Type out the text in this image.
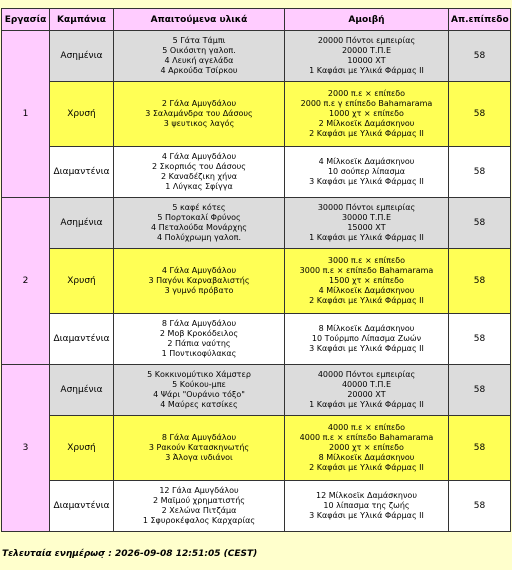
Εργασία	Καμπάνια	Απαιτούμενα υλικά	Αμοιβή	Απ.επίπεδο
1	Ασημένια	5 Γάτα Τάμπι
5 Οικόσιτη γαλοπ.
4 Λευκή αγελάδα
4 Αρκούδα Τσίρκου	20000 Πόντοι εμπειρίας
20000 Τ.Π.Ε
10000 ΧΤ
1 Καφάσι με Υλικά Φάρμας II	58
	Χρυσή	2 Γάλα Αμυγδάλου
3 Σαλαμάνδρα του Δάσους
3 ψευτικος λαγός	2000 π.ε × επίπεδο
2000 π.ε γ επίπεδο Bahamarama
1000 χτ × επίπεδο
2 Μίλκοεϊκ Δαμάσκηνου
2 Καφάσι με Υλικά Φάρμας II	58
	Διαμαντένια	4 Γάλα Αμυγδάλου
2 Σκορπιός του Δάσους
2 Καναδέζικη χήνα
1 Λύγκας Σφίγγα	4 Μίλκοεϊκ Δαμάσκηνου
10 σούπερ λίπασμα
3 Καφάσι με Υλικά Φάρμας II	58
2	Ασημένια	5 καφέ κότες
5 Πορτοκαλί Φρύνος
4 Πεταλούδα Μονάρχης
4 Πολύχρωμη γαλοπ.	30000 Πόντοι εμπειρίας
30000 Τ.Π.Ε
15000 ΧΤ
1 Καφάσι με Υλικά Φάρμας II	58
	Χρυσή	4 Γάλα Αμυγδάλου
3 Παγόνι Καρναβαλιστής
3 γυμνό πρόβατο	3000 π.ε × επίπεδο
3000 π.ε × επίπεδο Bahamarama
1500 χτ × επίπεδο
4 Μίλκοεϊκ Δαμάσκηνου
2 Καφάσι με Υλικά Φάρμας II	58
	Διαμαντένια	8 Γάλα Αμυγδάλου
2 Μοβ Κροκόδειλος
2 Πάπια ναύτης
1 Ποντικοφύλακας	8 Μίλκοεϊκ Δαμάσκηνου
10 Τούρμπο Λίπασμα Ζωών
3 Καφάσι με Υλικά Φάρμας II	58
3	Ασημένια	5 Κοκκινομύτικο Χάμστερ
5 Κούκου-μπε
4 Ψάρι "Ουράνιο τόξο"
4 Μαύρες κατσίκες	40000 Πόντοι εμπειρίας
40000 Τ.Π.Ε
20000 ΧΤ
1 Καφάσι με Υλικά Φάρμας II	58
	Χρυσή	8 Γάλα Αμυγδάλου
3 Ρακούν Κατασκηνωτής
3 Άλογα ινδιάνοι	4000 π.ε × επίπεδο
4000 π.ε × επίπεδο Bahamarama
2000 χτ × επίπεδο
8 Μίλκοεϊκ Δαμάσκηνου
2 Καφάσι με Υλικά Φάρμας II	58
	Διαμαντένια	12 Γάλα Αμυγδάλου
2 Μαϊμού χρηματιστής
2 Χελώνα Πιτζάμα
1 Σφυροκέφαλος Καρχαρίας	12 Μίλκοεϊκ Δαμάσκηνου
10 λίπασμα της ζωής
3 Καφάσι με Υλικά Φάρμας II	58
Τελευταία ενημέρωσ̣ : 2026-09-08 12:51:05 (CEST)
